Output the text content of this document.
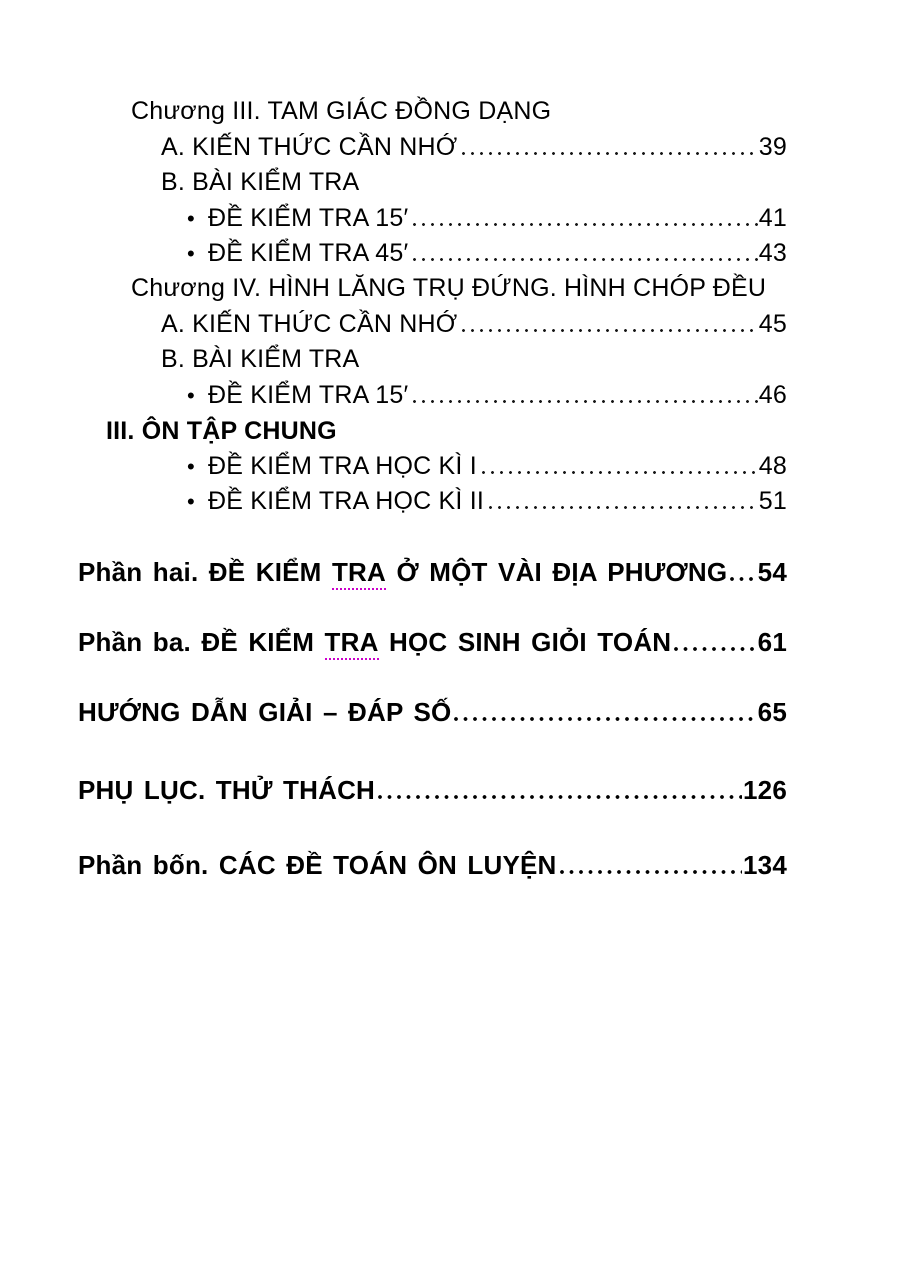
Chương III. TAM GIÁC ĐỒNG DẠNG
A. KIẾN THỨC CẦN NHỚ	39
B. BÀI KIỂM TRA
• ĐỀ KIỂM TRA 15′	41
• ĐỀ KIỂM TRA 45′	43
Chương IV. HÌNH LĂNG TRỤ ĐỨNG. HÌNH CHÓP ĐỀU
A. KIẾN THỨC CẦN NHỚ	45
B. BÀI KIỂM TRA
• ĐỀ KIỂM TRA 15′	46
III. ÔN TẬP CHUNG
• ĐỀ KIỂM TRA HỌC KÌ I	48
• ĐỀ KIỂM TRA HỌC KÌ II	51
Phần hai. ĐỀ KIỂM TRA Ở MỘT VÀI ĐỊA PHƯƠNG 54
Phần ba. ĐỀ KIỂM TRA HỌC SINH GIỎI TOÁN	61
HƯỚNG DẪN GIẢI – ĐÁP SỐ	65
PHỤ LỤC. THỬ THÁCH	126
Phần bốn. CÁC ĐỀ TOÁN ÔN LUYỆN	134
